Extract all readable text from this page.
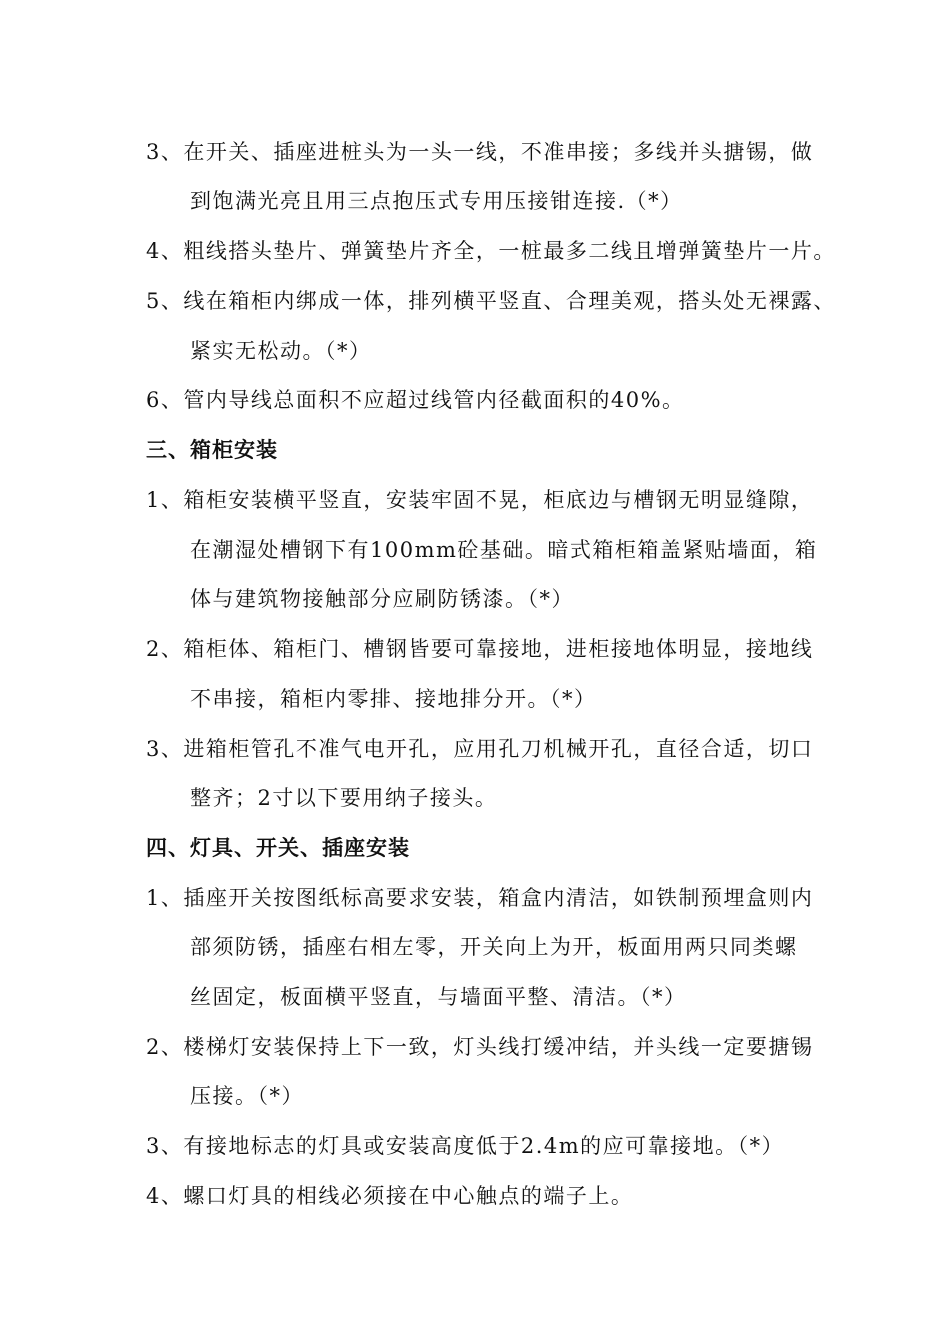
3、在开关、插座进桩头为一头一线，不准串接；多线并头搪锡，做
到饱满光亮且用三点抱压式专用压接钳连接.（*）
4、粗线搭头垫片、弹簧垫片齐全，一桩最多二线且增弹簧垫片一片。
5、线在箱柜内绑成一体，排列横平竖直、合理美观，搭头处无裸露、
紧实无松动。（*）
6、管内导线总面积不应超过线管内径截面积的40%。
三、箱柜安装
1、箱柜安装横平竖直，安装牢固不晃，柜底边与槽钢无明显缝隙，
在潮湿处槽钢下有100mm砼基础。暗式箱柜箱盖紧贴墙面，箱
体与建筑物接触部分应刷防锈漆。（*）
2、箱柜体、箱柜门、槽钢皆要可靠接地，进柜接地体明显，接地线
不串接，箱柜内零排、接地排分开。（*）
3、进箱柜管孔不准气电开孔，应用孔刀机械开孔，直径合适，切口
整齐；2寸以下要用纳子接头。
四、灯具、开关、插座安装
1、插座开关按图纸标高要求安装，箱盒内清洁，如铁制预埋盒则内
部须防锈，插座右相左零，开关向上为开，板面用两只同类螺
丝固定，板面横平竖直，与墙面平整、清洁。（*）
2、楼梯灯安装保持上下一致，灯头线打缓冲结，并头线一定要搪锡
压接。（*）
3、有接地标志的灯具或安装高度低于2.4m的应可靠接地。（*）
4、螺口灯具的相线必须接在中心触点的端子上。
